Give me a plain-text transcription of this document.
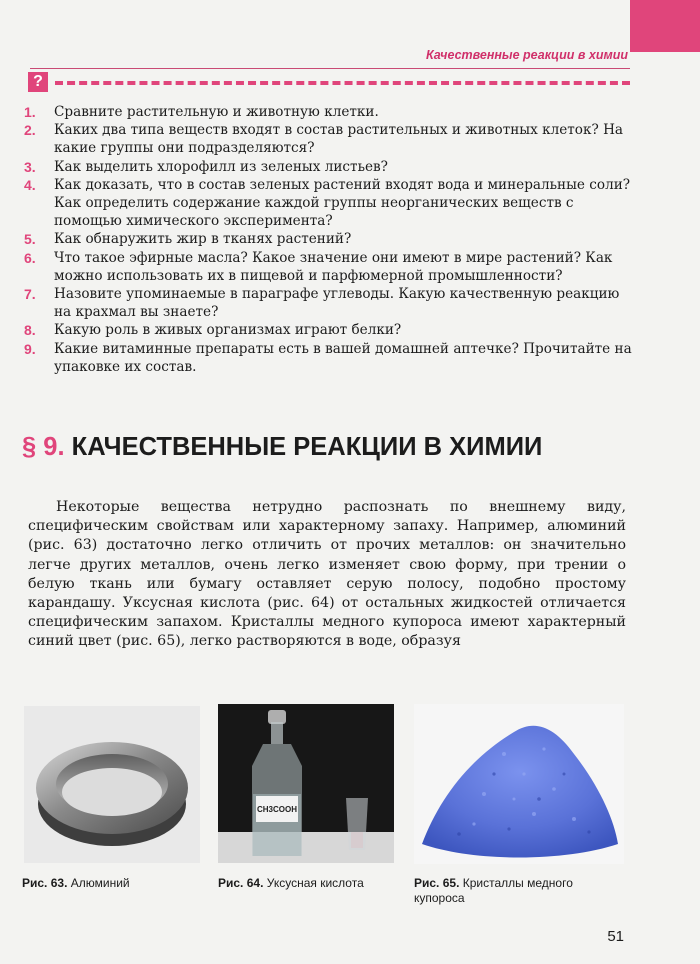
Качественные реакции в химии
?
1. Сравните растительную и животную клетки.
2. Каких два типа веществ входят в состав растительных и животных клеток? На какие группы они подразделяются?
3. Как выделить хлорофилл из зеленых листьев?
4. Как доказать, что в состав зеленых растений входят вода и минеральные соли? Как определить содержание каждой группы неорганических веществ с помощью химического эксперимента?
5. Как обнаружить жир в тканях растений?
6. Что такое эфирные масла? Какое значение они имеют в мире растений? Как можно использовать их в пищевой и парфюмерной промышленности?
7. Назовите упоминаемые в параграфе углеводы. Какую качественную реакцию на крахмал вы знаете?
8. Какую роль в живых организмах играют белки?
9. Какие витаминные препараты есть в вашей домашней аптечке? Прочитайте на упаковке их состав.
§ 9. КАЧЕСТВЕННЫЕ РЕАКЦИИ В ХИМИИ

Некоторые вещества нетрудно распознать по внешнему виду, специфическим свойствам или характерному запаху. Например, алюминий (рис. 63) достаточно легко отличить от прочих металлов: он значительно легче других металлов, очень легко изменяет свою форму, при трении о белую ткань или бумагу оставляет серую полосу, подобно простому карандашу. Уксусная кислота (рис. 64) от остальных жидкостей отличается специфическим запахом. Кристаллы медного купороса имеют характерный синий цвет (рис. 65), легко растворяются в воде, образуя

CH3COOH
Рис. 63. Алюминий	Рис. 64. Уксусная кислота	Рис. 65. Кристаллы медного купороса
51
